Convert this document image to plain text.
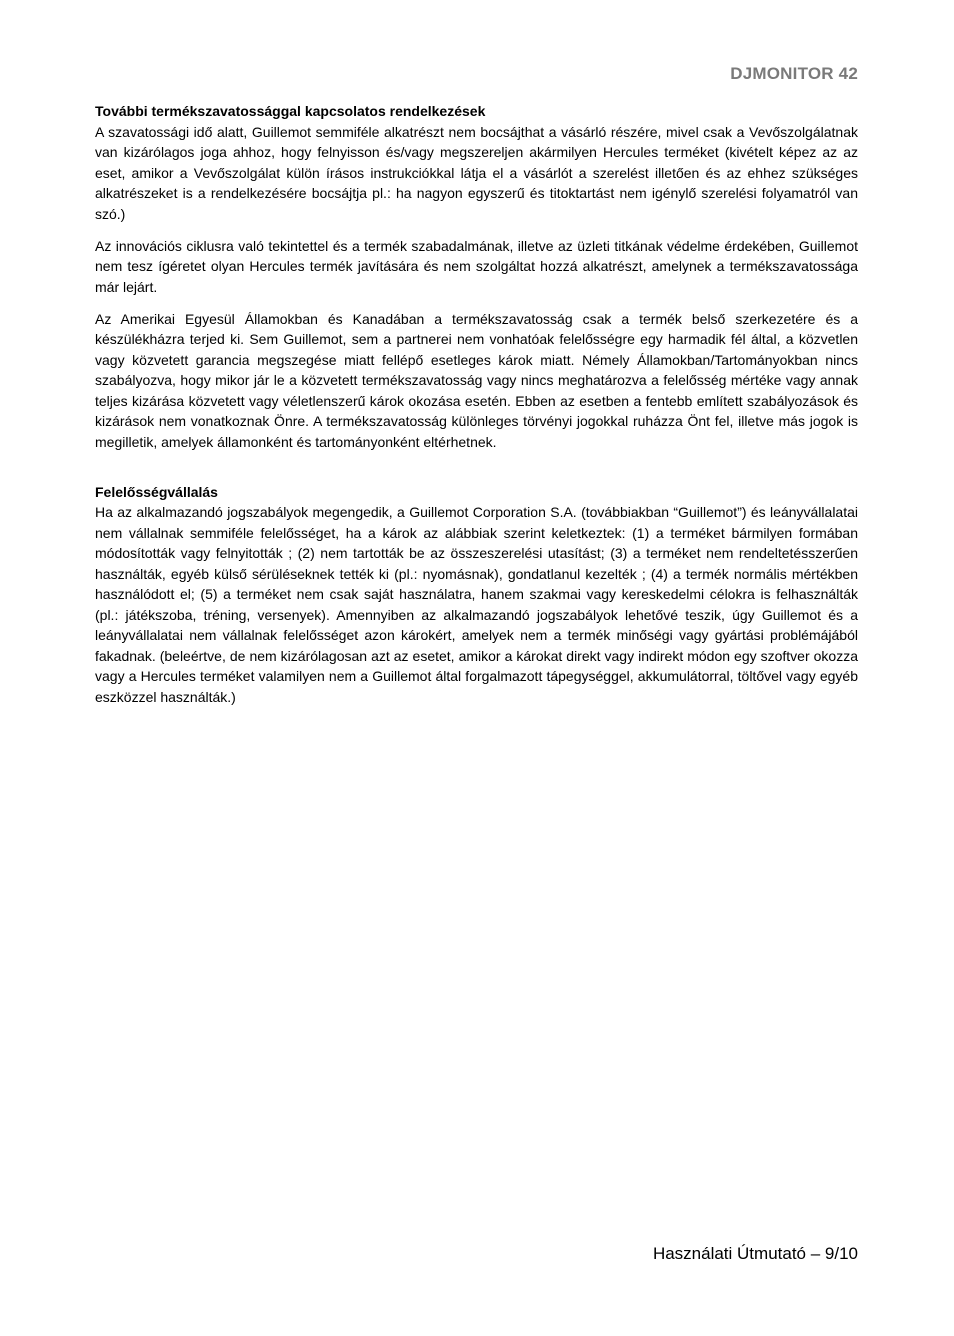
DJMONITOR 42
További termékszavatossággal kapcsolatos rendelkezések

A szavatossági idő alatt, Guillemot semmiféle alkatrészt nem bocsájthat a vásárló részére, mivel csak a Vevőszolgálatnak van kizárólagos joga ahhoz, hogy felnyisson és/vagy megszereljen akármilyen Hercules terméket (kivételt képez az az eset, amikor a Vevőszolgálat külön írásos instrukciókkal látja el a vásárlót a szerelést illetően és az ehhez szükséges alkatrészeket is a rendelkezésére bocsájtja pl.: ha nagyon egyszerű és titoktartást nem igénylő szerelési folyamatról van szó.)

Az innovációs ciklusra való tekintettel és a termék szabadalmának, illetve az üzleti titkának védelme érdekében, Guillemot nem tesz ígéretet olyan Hercules termék javítására és nem szolgáltat hozzá alkatrészt, amelynek a termékszavatossága már lejárt.

Az Amerikai Egyesül Államokban és Kanadában a termékszavatosság csak a termék belső szerkezetére és a készülékházra terjed ki. Sem Guillemot, sem a partnerei nem vonhatóak felelősségre egy harmadik fél által, a közvetlen vagy közvetett garancia megszegése miatt fellépő esetleges károk miatt. Némely Államokban/Tartományokban nincs szabályozva, hogy mikor jár le a közvetett termékszavatosság vagy nincs meghatározva a felelősség mértéke vagy annak teljes kizárása közvetett vagy véletlenszerű károk okozása esetén. Ebben az esetben a fentebb említett szabályozások és kizárások nem vonatkoznak Önre. A termékszavatosság különleges törvényi jogokkal ruházza Önt fel, illetve más jogok is megilletik, amelyek államonként és tartományonként eltérhetnek.

Felelősségvállalás

Ha az alkalmazandó jogszabályok megengedik, a Guillemot Corporation S.A. (továbbiakban “Guillemot”) és leányvállalatai nem vállalnak semmiféle felelősséget, ha a károk az alábbiak szerint keletkeztek: (1) a terméket bármilyen formában módosították vagy felnyitották ; (2) nem tartották be az összeszerelési utasítást; (3) a terméket nem rendeltetésszerűen használták, egyéb külső sérüléseknek tették ki (pl.: nyomásnak), gondatlanul kezelték ; (4) a termék normális mértékben használódott el; (5) a terméket nem csak saját használatra, hanem szakmai vagy kereskedelmi célokra is felhasználták (pl.: játékszoba, tréning, versenyek). Amennyiben az alkalmazandó jogszabályok lehetővé teszik, úgy Guillemot és a leányvállalatai nem vállalnak felelősséget azon károkért, amelyek nem a termék minőségi vagy gyártási problémájából fakadnak. (beleértve, de nem kizárólagosan azt az esetet, amikor a károkat direkt vagy indirekt módon egy szoftver okozza vagy a Hercules terméket valamilyen nem a Guillemot által forgalmazott tápegységgel, akkumulátorral, töltővel vagy egyéb eszközzel használták.)

Használati Útmutató – 9/10
